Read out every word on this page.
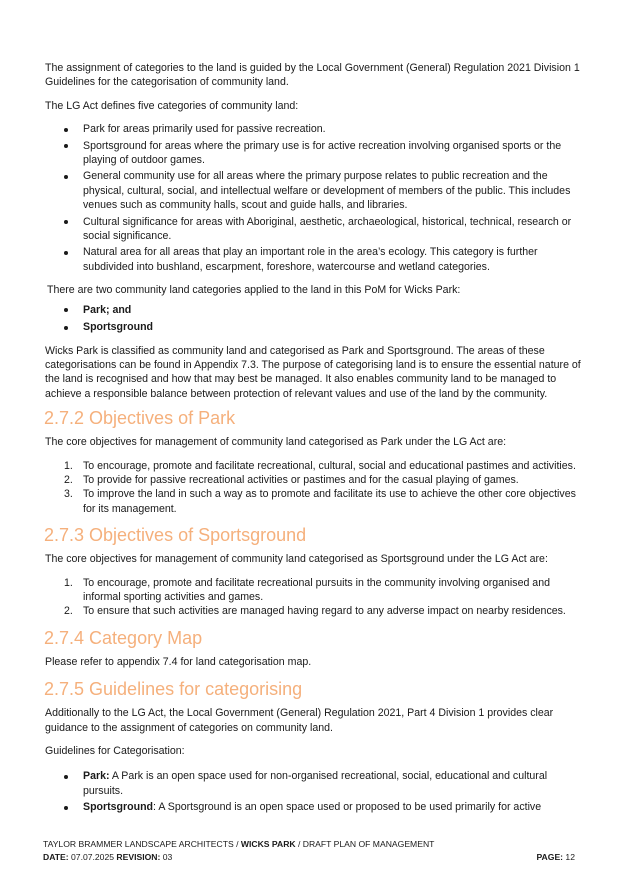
The assignment of categories to the land is guided by the Local Government (General) Regulation 2021 Division 1 Guidelines for the categorisation of community land.

The LG Act defines five categories of community land:

Park for areas primarily used for passive recreation.
Sportsground for areas where the primary use is for active recreation involving organised sports or the playing of outdoor games.
General community use for all areas where the primary purpose relates to public recreation and the physical, cultural, social, and intellectual welfare or development of members of the public. This includes venues such as community halls, scout and guide halls, and libraries.
Cultural significance for areas with Aboriginal, aesthetic, archaeological, historical, technical, research or social significance.
Natural area for all areas that play an important role in the area’s ecology. This category is further subdivided into bushland, escarpment, foreshore, watercourse and wetland categories.

There are two community land categories applied to the land in this PoM for Wicks Park:

Park; and
Sportsground

Wicks Park is classified as community land and categorised as Park and Sportsground. The areas of these categorisations can be found in Appendix 7.3. The purpose of categorising land is to ensure the essential nature of the land is recognised and how that may best be managed. It also enables community land to be managed to achieve a responsible balance between protection of relevant values and use of the land by the community.

2.7.2 Objectives of Park

The core objectives for management of community land categorised as Park under the LG Act are:

1. To encourage, promote and facilitate recreational, cultural, social and educational pastimes and activities.
2. To provide for passive recreational activities or pastimes and for the casual playing of games.
3. To improve the land in such a way as to promote and facilitate its use to achieve the other core objectives for its management.
2.7.3 Objectives of Sportsground

The core objectives for management of community land categorised as Sportsground under the LG Act are:

1. To encourage, promote and facilitate recreational pursuits in the community involving organised and informal sporting activities and games.
2. To ensure that such activities are managed having regard to any adverse impact on nearby residences.
2.7.4 Category Map

Please refer to appendix 7.4 for land categorisation map.

2.7.5 Guidelines for categorising

Additionally to the LG Act, the Local Government (General) Regulation 2021, Part 4 Division 1 provides clear guidance to the assignment of categories on community land.

Guidelines for Categorisation:

Park: A Park is an open space used for non-organised recreational, social, educational and cultural pursuits.
Sportsground: A Sportsground is an open space used or proposed to be used primarily for active
TAYLOR BRAMMER LANDSCAPE ARCHITECTS / WICKS PARK / DRAFT PLAN OF MANAGEMENT
DATE: 07.07.2025 REVISION: 03	PAGE: 12
